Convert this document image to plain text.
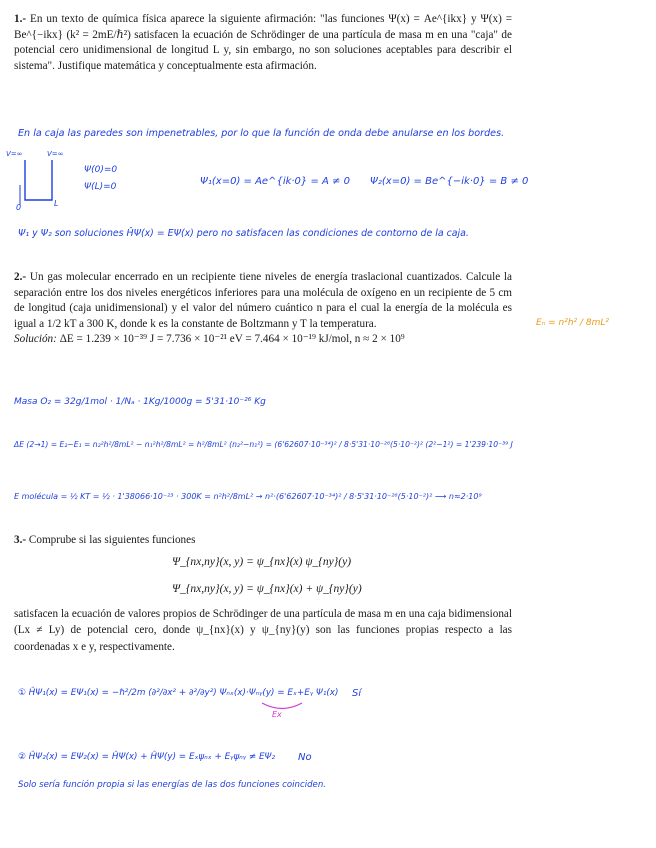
1.- En un texto de química física aparece la siguiente afirmación: "las funciones Ψ(x) = Ae^{ikx} y Ψ(x) = Be^{−ikx} (k² = 2mE/ℏ²) satisfacen la ecuación de Schrödinger de una partícula de masa m en una "caja" de potencial cero unidimensional de longitud L y, sin embargo, no son soluciones aceptables para describir el sistema". Justifique matemática y conceptualmente esta afirmación.
En la caja las paredes son impenetrables, por lo que la función de onda debe anularse en los bordes.
V=∞	V=∞
0	L
Ψ(0)=0
Ψ(L)=0	Ψ₁(x=0) = Ae^{ik·0} = A ≠ 0 Ψ₂(x=0) = Be^{−ik·0} = B ≠ 0
Ψ₁ y Ψ₂ son soluciones ĤΨ(x) = EΨ(x) pero no satisfacen las condiciones de contorno de la caja.
2.- Un gas molecular encerrado en un recipiente tiene niveles de energía traslacional cuantizados. Calcule la separación entre los dos niveles energéticos inferiores para una molécula de oxígeno en un recipiente de 5 cm de longitud (caja unidimensional) y el valor del número cuántico n para el cual la energía de la molécula es igual a 1/2 kT a 300 K, donde k es la constante de Boltzmann y T la temperatura.
Solución: ΔE = 1.239 × 10⁻³⁹ J = 7.736 × 10⁻²¹ eV = 7.464 × 10⁻¹⁹ kJ/mol, n ≈ 2 × 10⁹
Eₙ = n²h² / 8mL²
Masa O₂ = 32g/1mol · 1/Nₐ · 1Kg/1000g = 5'31·10⁻²⁶ Kg
ΔE (2→1) = E₂−E₁ = n₂²h²/8mL² − n₁²h²/8mL² = h²/8mL² (n₂²−n₁²) = (6'62607·10⁻³⁴)² / 8·5'31·10⁻²⁶(5·10⁻²)² (2²−1²) = 1'239·10⁻³⁹ J
E molécula = ½ KT = ½ · 1'38066·10⁻²³ · 300K = n²h²/8mL² → n²·(6'62607·10⁻³⁴)² / 8·5'31·10⁻²⁶(5·10⁻²)² ⟶ n≈2·10⁹
3.- Comprube si las siguientes funciones
Ψ_{nx,ny}(x, y) = ψ_{nx}(x) ψ_{ny}(y)
Ψ_{nx,ny}(x, y) = ψ_{nx}(x) + ψ_{ny}(y)
satisfacen la ecuación de valores propios de Schrödinger de una partícula de masa m en una caja bidimensional (Lx ≠ Ly) de potencial cero, donde ψ_{nx}(x) y ψ_{ny}(y) son las funciones propias respecto a las coordenadas x e y, respectivamente.
① ĤΨ₁(x) = EΨ₁(x) = −ℏ²/2m (∂²/∂x² + ∂²/∂y²) Ψₙₓ(x)·Ψₙᵧ(y) = Eₓ+Eᵧ Ψ₁(x) Sí
Ex
② ĤΨ₂(x) = EΨ₂(x) = ĤΨ(x) + ĤΨ(y) = Eₓψₙₓ + Eᵧψₙᵧ ≠ EΨ₂ No
Solo sería función propia si las energías de las dos funciones coinciden.
